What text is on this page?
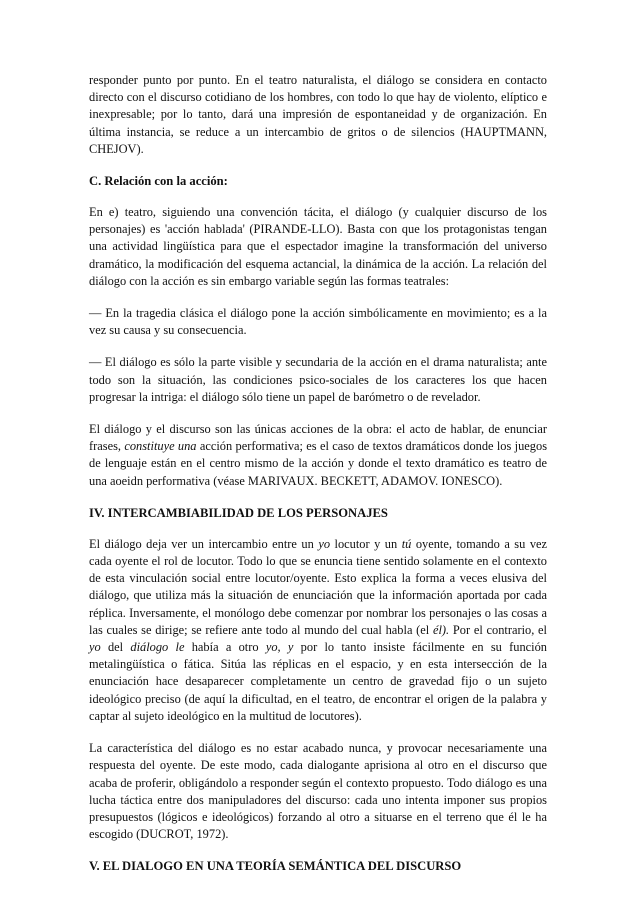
responder punto por punto. En el teatro naturalista, el diálogo se considera en contacto directo con el discurso cotidiano de los hombres, con todo lo que hay de violento, elíptico e inexpresable; por lo tanto, dará una impresión de espontaneidad y de organización. En última instancia, se reduce a un intercambio de gritos o de silencios (HAUPTMANN, CHEJOV).

C. Relación con la acción:

En e) teatro, siguiendo una convención tácita, el diálogo (y cualquier discurso de los personajes) es 'acción hablada' (PIRANDE-LLO). Basta con que los protagonistas tengan una actividad lingüística para que el espectador imagine la transformación del universo dramático, la modificación del esquema actancial, la dinámica de la acción. La relación del diálogo con la acción es sin embargo variable según las formas teatrales:

— En la tragedia clásica el diálogo pone la acción simbólicamente en movimiento; es a la vez su causa y su consecuencia.

— El diálogo es sólo la parte visible y secundaria de la acción en el drama naturalista; ante todo son la situación, las condiciones psico-sociales de los caracteres los que hacen progresar la intriga: el diálogo sólo tiene un papel de barómetro o de revelador.

El diálogo y el discurso son las únicas acciones de la obra: el acto de hablar, de enunciar frases, constituye una acción performativa; es el caso de textos dramáticos donde los juegos de lenguaje están en el centro mismo de la acción y donde el texto dramático es teatro de una aoeidn performativa (véase MARIVAUX. BECKETT, ADAMOV. IONESCO).

IV. INTERCAMBIABILIDAD DE LOS PERSONAJES

El diálogo deja ver un intercambio entre un yo locutor y un tú oyente, tomando a su vez cada oyente el rol de locutor. Todo lo que se enuncia tiene sentido solamente en el contexto de esta vinculación social entre locutor/oyente. Esto explica la forma a veces elusiva del diálogo, que utiliza más la situación de enunciación que la información aportada por cada réplica. Inversamente, el monólogo debe comenzar por nombrar los personajes o las cosas a las cuales se dirige; se refiere ante todo al mundo del cual habla (el él). Por el contrario, el yo del diálogo le había a otro yo, y por lo tanto insiste fácilmente en su función metalingüística o fática. Sitúa las réplicas en el espacio, y en esta intersección de la enunciación hace desaparecer completamente un centro de gravedad fijo o un sujeto ideológico preciso (de aquí la dificultad, en el teatro, de encontrar el origen de la palabra y captar al sujeto ideológico en la multitud de locutores).

La característica del diálogo es no estar acabado nunca, y provocar necesariamente una respuesta del oyente. De este modo, cada dialogante aprisiona al otro en el discurso que acaba de proferir, obligándolo a responder según el contexto propuesto. Todo diálogo es una lucha táctica entre dos manipuladores del discurso: cada uno intenta imponer sus propios presupuestos (lógicos e ideológicos) forzando al otro a situarse en el terreno que él le ha escogido (DUCROT, 1972).

V. EL DIALOGO EN UNA TEORÍA SEMÁNTICA DEL DISCURSO
